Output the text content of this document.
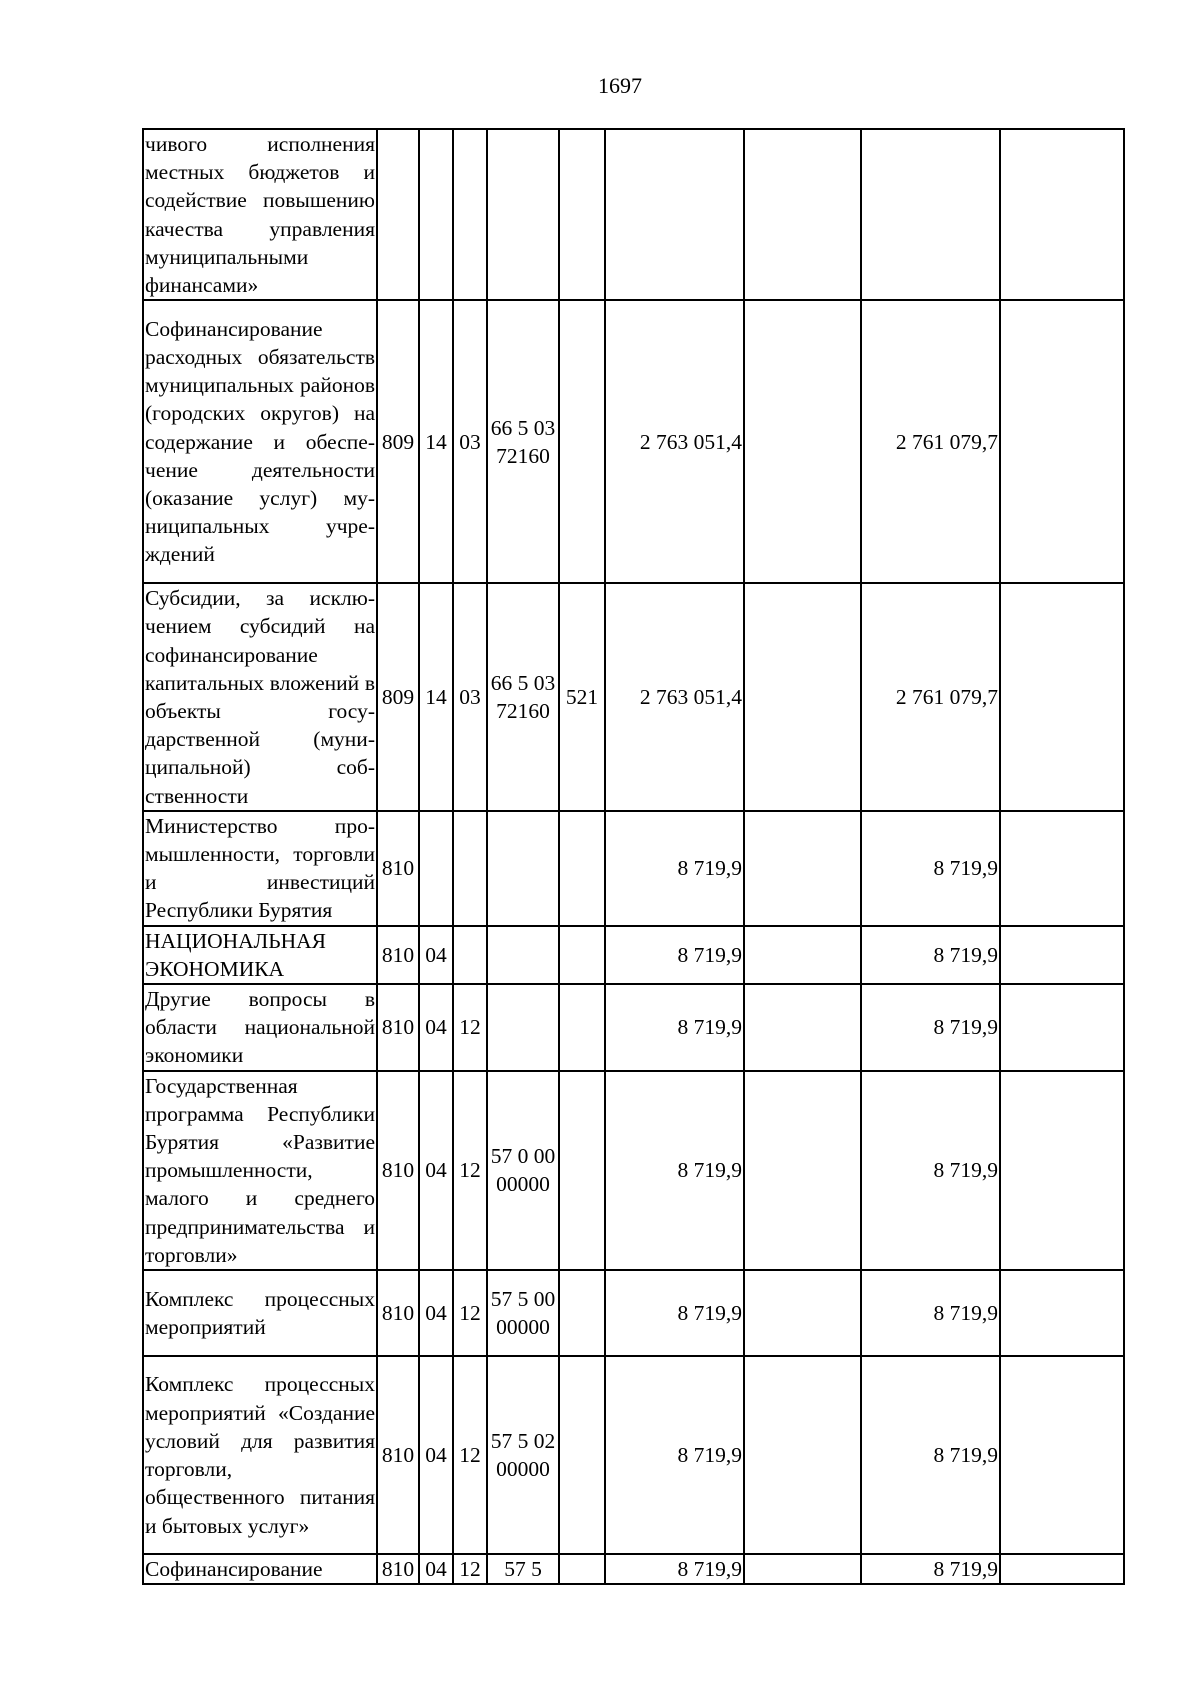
1697
чивого исполнения местных бюджетов и содействие повышению качества управления муниципальными финансами»									
Софинансирование расходных обязательств муниципальных районов (городских округов) на содержание и обеспечение деятельности (оказание услуг) муниципальных учреждений	809	14	03	66 5 03 72160		2 763 051,4		2 761 079,7	
Субсидии, за исключением субсидий на софинансирование капитальных вложений в объекты государственной (муниципальной) собственности	809	14	03	66 5 03 72160	521	2 763 051,4		2 761 079,7	
Министерство промышленности, торговли и инвестиций Республики Бурятия	810					8 719,9		8 719,9	
НАЦИОНАЛЬНАЯ ЭКОНОМИКА	810	04				8 719,9		8 719,9	
Другие вопросы в области национальной экономики	810	04	12			8 719,9		8 719,9	
Государственная программа Республики Бурятия «Развитие промышленности, малого и среднего предпринимательства и торговли»	810	04	12	57 0 00 00000		8 719,9		8 719,9	
Комплекс процессных мероприятий	810	04	12	57 5 00 00000		8 719,9		8 719,9	
Комплекс процессных мероприятий «Создание условий для развития торговли, общественного питания и бытовых услуг»	810	04	12	57 5 02 00000		8 719,9		8 719,9	
Софинансирование	810	04	12	57 5		8 719,9		8 719,9	
